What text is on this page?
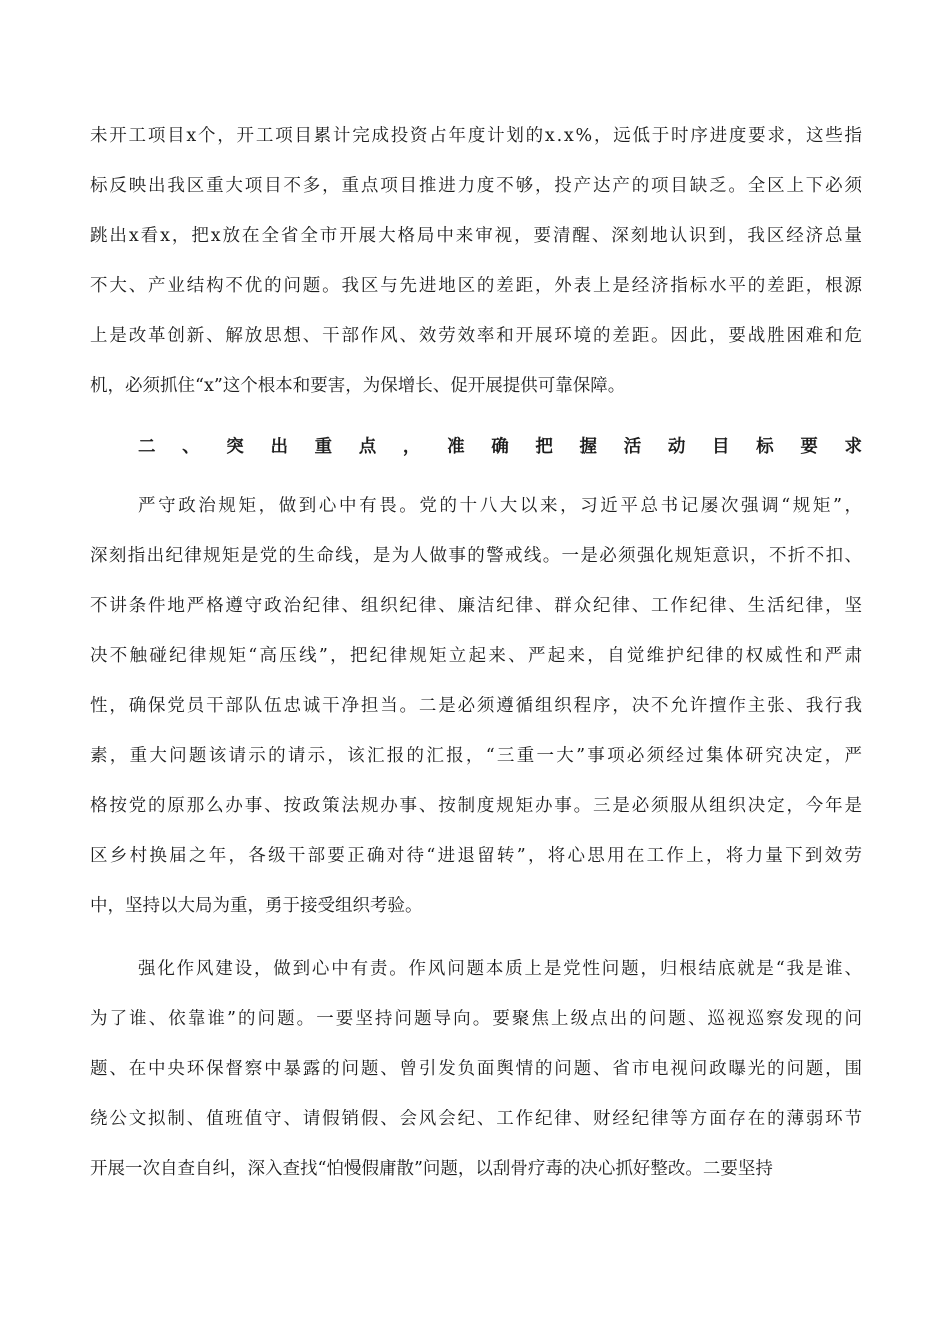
未开工项目x个，开工项目累计完成投资占年度计划的x.x%，远低于时序进度要求，这些指
标反映出我区重大项目不多，重点项目推进力度不够，投产达产的项目缺乏。全区上下必须
跳出x看x，把x放在全省全市开展大格局中来审视，要清醒、深刻地认识到，我区经济总量
不大、产业结构不优的问题。我区与先进地区的差距，外表上是经济指标水平的差距，根源
上是改革创新、解放思想、干部作风、效劳效率和开展环境的差距。因此，要战胜困难和危
机，必须抓住“x”这个根本和要害，为保增长、促开展提供可靠保障。
二、突出重点，准确把握活动目标要求
严守政治规矩，做到心中有畏。党的十八大以来，习近平总书记屡次强调“规矩”，
深刻指出纪律规矩是党的生命线，是为人做事的警戒线。一是必须强化规矩意识，不折不扣、
不讲条件地严格遵守政治纪律、组织纪律、廉洁纪律、群众纪律、工作纪律、生活纪律，坚
决不触碰纪律规矩“高压线”，把纪律规矩立起来、严起来，自觉维护纪律的权威性和严肃
性，确保党员干部队伍忠诚干净担当。二是必须遵循组织程序，决不允许擅作主张、我行我
素，重大问题该请示的请示，该汇报的汇报，“三重一大”事项必须经过集体研究决定，严
格按党的原那么办事、按政策法规办事、按制度规矩办事。三是必须服从组织决定，今年是
区乡村换届之年，各级干部要正确对待“进退留转”，将心思用在工作上，将力量下到效劳
中，坚持以大局为重，勇于接受组织考验。
强化作风建设，做到心中有责。作风问题本质上是党性问题，归根结底就是“我是谁、
为了谁、依靠谁”的问题。一要坚持问题导向。要聚焦上级点出的问题、巡视巡察发现的问
题、在中央环保督察中暴露的问题、曾引发负面舆情的问题、省市电视问政曝光的问题，围
绕公文拟制、值班值守、请假销假、会风会纪、工作纪律、财经纪律等方面存在的薄弱环节
开展一次自查自纠，深入查找“怕慢假庸散”问题，以刮骨疗毒的决心抓好整改。二要坚持
